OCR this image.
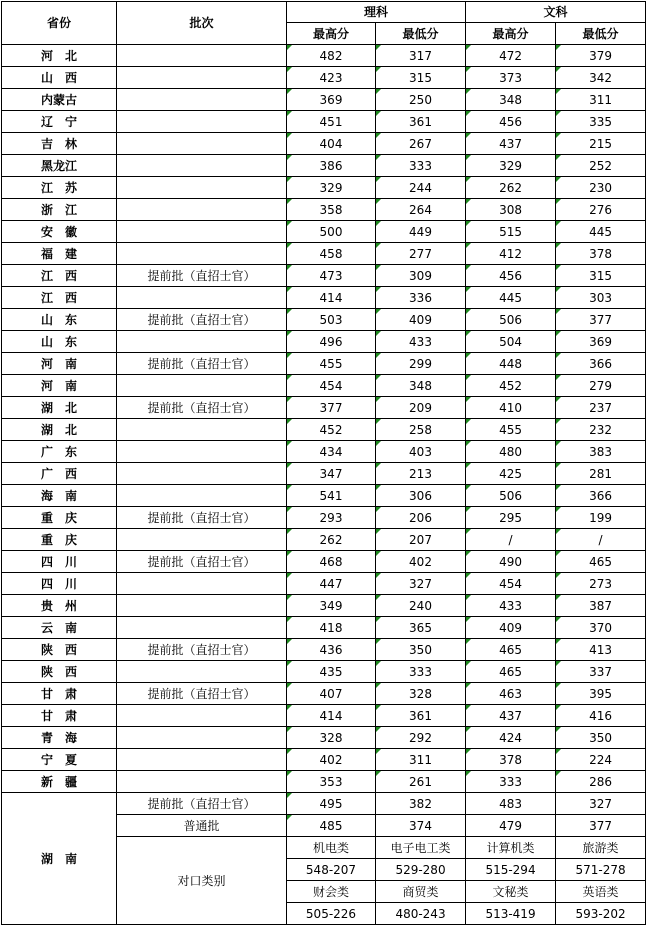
省份	批次	理科		文科	
		最高分	最低分	最高分	最低分
河　北		482	317	472	379
山　西		423	315	373	342
内蒙古		369	250	348	311
辽　宁		451	361	456	335
吉　林		404	267	437	215
黑龙江		386	333	329	252
江　苏		329	244	262	230
浙　江		358	264	308	276
安　徽		500	449	515	445
福　建		458	277	412	378
江　西	提前批（直招士官）	473	309	456	315
江　西		414	336	445	303
山　东	提前批（直招士官）	503	409	506	377
山　东		496	433	504	369
河　南	提前批（直招士官）	455	299	448	366
河　南		454	348	452	279
湖　北	提前批（直招士官）	377	209	410	237
湖　北		452	258	455	232
广　东		434	403	480	383
广　西		347	213	425	281
海　南		541	306	506	366
重　庆	提前批（直招士官）	293	206	295	199
重　庆		262	207	/	/
四　川	提前批（直招士官）	468	402	490	465
四　川		447	327	454	273
贵　州		349	240	433	387
云　南		418	365	409	370
陕　西	提前批（直招士官）	436	350	465	413
陕　西		435	333	465	337
甘　肃	提前批（直招士官）	407	328	463	395
甘　肃		414	361	437	416
青　海		328	292	424	350
宁　夏		402	311	378	224
新　疆		353	261	333	286
湖　南	提前批（直招士官）	495	382	483	327
	普通批	485	374	479	377
	对口类别	机电类	电子电工类	计算机类	旅游类
		548-207	529-280	515-294	571-278
		财会类	商贸类	文秘类	英语类
		505-226	480-243	513-419	593-202
